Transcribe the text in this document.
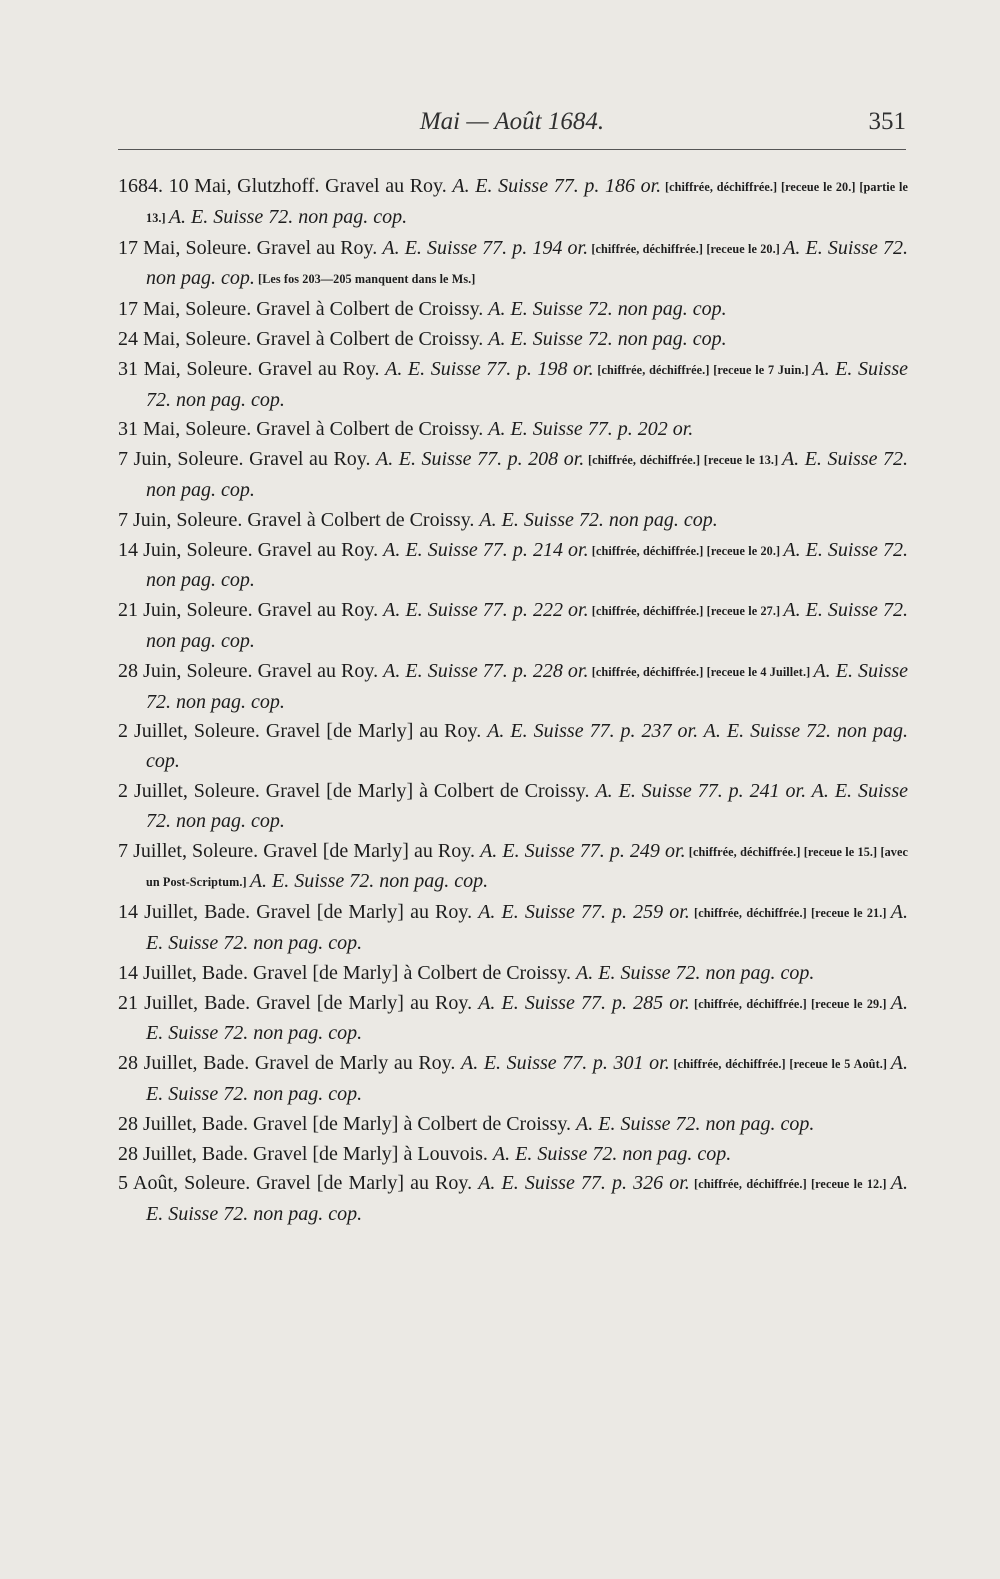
Mai — Août 1684.	351
1684. 10 Mai, Glutzhoff. Gravel au Roy. A. E. Suisse 77. p. 186 or. [chiffrée, déchiffrée.] [receue le 20.] [partie le 13.] A. E. Suisse 72. non pag. cop.
17 Mai, Soleure. Gravel au Roy. A. E. Suisse 77. p. 194 or. [chiffrée, déchiffrée.] [receue le 20.] A. E. Suisse 72. non pag. cop. [Les fos 203—205 manquent dans le Ms.]
17 Mai, Soleure. Gravel à Colbert de Croissy. A. E. Suisse 72. non pag. cop.
24 Mai, Soleure. Gravel à Colbert de Croissy. A. E. Suisse 72. non pag. cop.
31 Mai, Soleure. Gravel au Roy. A. E. Suisse 77. p. 198 or. [chiffrée, déchiffrée.] [receue le 7 Juin.] A. E. Suisse 72. non pag. cop.
31 Mai, Soleure. Gravel à Colbert de Croissy. A. E. Suisse 77. p. 202 or.
7 Juin, Soleure. Gravel au Roy. A. E. Suisse 77. p. 208 or. [chiffrée, déchiffrée.] [receue le 13.] A. E. Suisse 72. non pag. cop.
7 Juin, Soleure. Gravel à Colbert de Croissy. A. E. Suisse 72. non pag. cop.
14 Juin, Soleure. Gravel au Roy. A. E. Suisse 77. p. 214 or. [chiffrée, déchiffrée.] [receue le 20.] A. E. Suisse 72. non pag. cop.
21 Juin, Soleure. Gravel au Roy. A. E. Suisse 77. p. 222 or. [chiffrée, déchiffrée.] [receue le 27.] A. E. Suisse 72. non pag. cop.
28 Juin, Soleure. Gravel au Roy. A. E. Suisse 77. p. 228 or. [chiffrée, déchiffrée.] [receue le 4 Juillet.] A. E. Suisse 72. non pag. cop.
2 Juillet, Soleure. Gravel [de Marly] au Roy. A. E. Suisse 77. p. 237 or. A. E. Suisse 72. non pag. cop.
2 Juillet, Soleure. Gravel [de Marly] à Colbert de Croissy. A. E. Suisse 77. p. 241 or. A. E. Suisse 72. non pag. cop.
7 Juillet, Soleure. Gravel [de Marly] au Roy. A. E. Suisse 77. p. 249 or. [chiffrée, déchiffrée.] [receue le 15.] [avec un Post-Scriptum.] A. E. Suisse 72. non pag. cop.
14 Juillet, Bade. Gravel [de Marly] au Roy. A. E. Suisse 77. p. 259 or. [chiffrée, déchiffrée.] [receue le 21.] A. E. Suisse 72. non pag. cop.
14 Juillet, Bade. Gravel [de Marly] à Colbert de Croissy. A. E. Suisse 72. non pag. cop.
21 Juillet, Bade. Gravel [de Marly] au Roy. A. E. Suisse 77. p. 285 or. [chiffrée, déchiffrée.] [receue le 29.] A. E. Suisse 72. non pag. cop.
28 Juillet, Bade. Gravel de Marly au Roy. A. E. Suisse 77. p. 301 or. [chiffrée, déchiffrée.] [receue le 5 Août.] A. E. Suisse 72. non pag. cop.
28 Juillet, Bade. Gravel [de Marly] à Colbert de Croissy. A. E. Suisse 72. non pag. cop.
28 Juillet, Bade. Gravel [de Marly] à Louvois. A. E. Suisse 72. non pag. cop.
5 Août, Soleure. Gravel [de Marly] au Roy. A. E. Suisse 77. p. 326 or. [chiffrée, déchiffrée.] [receue le 12.] A. E. Suisse 72. non pag. cop.
